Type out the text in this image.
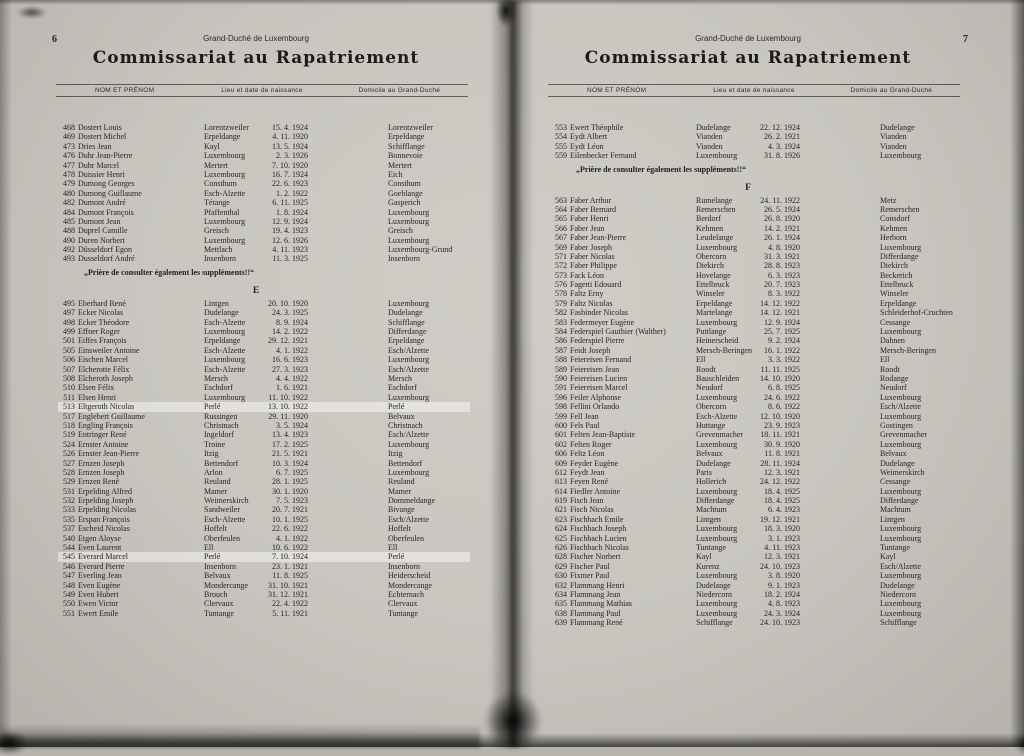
6	Grand-Duché de Luxembourg
Commissariat au Rapatriement
NOM ET PRÉNOM	Lieu et date de naissance	Domicile au Grand-Duché
468 Dostert Louis	Lorentzweiler	15. 4. 1924	Lorentzweiler
469 Dostert Michel	Erpeldange	4. 11. 1920	Erpeldange
473 Dries Jean	Kayl	13. 5. 1924	Schifflange
476 Duhr Jean-Pierre	Luxembourg	2. 3. 1926	Bonnevoie
477 Duhr Marcel	Mertert	7. 10. 1920	Mertert
478 Duissier Henri	Luxembourg	16. 7. 1924	Eich
479 Dumong Georges	Consthum	22. 6. 1923	Consthum
480 Dumong Guillaume	Esch-Alzette	1. 2. 1922	Goeblange
482 Dumont André	Tétange	6. 11. 1925	Gasperich
484 Dumont François	Pfaffenthal	1. 8. 1924	Luxembourg
485 Dumont Jean	Luxembourg	12. 9. 1924	Luxembourg
488 Duprel Camille	Greisch	19. 4. 1923	Greisch
490 Duren Norbert	Luxembourg	12. 6. 1926	Luxembourg
492 Düsseldorf Egon	Mettlach	4. 11. 1923	Luxembourg-Grund
493 Dusseldorf André	Insenborn	11. 3. 1925	Insenborn
„Prière de consulter également les suppléments!!“
E
495 Eberhard René	Lintgen	20. 10. 1920	Luxembourg
497 Ecker Nicolas	Dudelange	24. 3. 1925	Dudelange
498 Ecker Théodore	Esch-Alzette	8. 9. 1924	Schifflange
499 Effner Roger	Luxembourg	14. 2. 1922	Differdange
501 Eiffes François	Erpeldange	29. 12. 1921	Erpeldange
505 Einsweiler Antoine	Esch-Alzette	4. 1. 1922	Esch/Alzette
506 Eischen Marcel	Luxembourg	16. 6. 1923	Luxembourg
507 Elcherotte Félix	Esch-Alzette	27. 3. 1923	Esch/Alzette
508 Elcheroth Joseph	Mersch	4. 4. 1922	Mersch
510 Elsen Félix	Eschdorf	1. 6. 1921	Eschdorf
511 Elsen Henri	Luxembourg	11. 10. 1922	Luxembourg
513 Eltgeroth Nicolas	Perlé	13. 10. 1922	Perlé
517 Englebert Guillaume	Russingen	29. 11. 1920	Belvaux
518 Engling François	Christnach	3. 5. 1924	Christnach
519 Entringer René	Ingeldorf	13. 4. 1923	Esch/Alzette
524 Ernster Antoine	Troine	17. 2. 1925	Luxembourg
526 Ernster Jean-Pierre	Itzig	21. 5. 1921	Itzig
527 Ernzen Joseph	Bettendorf	10. 3. 1924	Bettendorf
528 Ernzen Joseph	Arlon	6. 7. 1925	Luxembourg
529 Ernzen René	Reuland	28. 1. 1925	Reuland
531 Erpelding Alfred	Mamer	30. 1. 1920	Mamer
532 Erpelding Joseph	Weimerskirch	7. 5. 1923	Dommeldange
533 Erpelding Nicolas	Sandweiler	20. 7. 1921	Bivange
535 Erspan François	Esch-Alzette	10. 1. 1925	Esch/Alzette
537 Escheid Nicolas	Hoffelt	22. 6. 1922	Hoffelt
540 Etgen Aloyse	Oberfeulen	4. 1. 1922	Oberfeulen
544 Even Laurent	Ell	10. 6. 1922	Ell
545 Everard Marcel	Perlé	7. 10. 1924	Perlé
546 Everard Pierre	Insenborn	23. 1. 1921	Insenborn
547 Everling Jean	Belvaux	11. 8. 1925	Heiderscheid
548 Even Eugène	Mondercange	31. 10. 1921	Mondercange
549 Even Hubert	Brouch	31. 12. 1921	Echternach
550 Ewen Victor	Clervaux	22. 4. 1922	Clervaux
551 Ewert Emile	Tuntange	5. 11. 1921	Tuntange
7
Grand-Duché de Luxembourg
Commissariat au Rapatriement
NOM ET PRÉNOM	Lieu et date de naissance	Domicile au Grand-Duché
553 Ewert Théophile	Dudelange	22. 12. 1924	Dudelange
554 Eydt Albert	Vianden	26. 2. 1921	Vianden
555 Eydt Léon	Vianden	4. 3. 1924	Vianden
559 Eilenbecker Fernand	Luxembourg	31. 8. 1926	Luxembourg
„Prière de consulter également les suppléments!!“
F
563 Faber Arthur	Rumelange	24. 11. 1922	Metz
564 Faber Bernard	Remerschen	26. 5. 1924	Remerschen
565 Faber Henri	Berdorf	26. 8. 1920	Consdorf
566 Faber Jean	Kehmen	14. 2. 1921	Kehmen
567 Faber Jean-Pierre	Leudelange	26. 1. 1924	Herborn
569 Faber Joseph	Luxembourg	4. 8. 1920	Luxembourg
571 Faber Nicolas	Obercorn	31. 3. 1921	Differdange
572 Faber Philippe	Diekirch	28. 8. 1923	Diekirch
573 Fack Léon	Hovelange	6. 3. 1923	Beckerich
576 Fagetti Edouard	Ettelbruck	20. 7. 1923	Ettelbruck
578 Faltz Erny	Winseler	8. 3. 1922	Winseler
579 Faltz Nicolas	Erpeldange	14. 12. 1922	Erpeldange
582 Fasbinder Nicolas	Martelange	14. 12. 1921	Schleiderhof-Cruchten
583 Federmeyer Eugène	Luxembourg	12. 9. 1924	Cessange
584 Federspiel Gauthier (Walther)	Puttlange	25. 7. 1925	Luxembourg
586 Federspiel Pierre	Heinerscheid	9. 2. 1924	Dahnen
587 Feidt Joseph	Mersch-Beringen	16. 1. 1922	Mersch-Beringen
588 Feiereisen Fernand	Ell	3. 3. 1922	Ell
589 Feiereisen Jean	Roodt	11. 11. 1925	Roodt
590 Feiereisen Lucien	Bauschleiden	14. 10. 1920	Rodange
591 Feiereisen Marcel	Neudorf	6. 8. 1925	Neudorf
596 Feiler Alphonse	Luxembourg	24. 6. 1922	Luxembourg
598 Fellini Orlando	Obercorn	8. 6. 1922	Esch/Alzette
599 Fell Jean	Esch-Alzette	12. 10. 1920	Luxembourg
600 Fels Paul	Huttange	23. 9. 1923	Gostingen
601 Felten Jean-Baptiste	Grevenmacher	18. 11. 1921	Grevenmacher
602 Felten Roger	Luxembourg	30. 9. 1920	Luxembourg
606 Feltz Léon	Belvaux	11. 8. 1921	Belvaux
609 Feyder Eugène	Dudelange	28. 11. 1924	Dudelange
612 Feydt Jean	Paris	12. 3. 1921	Weimerskirch
613 Feyen René	Hollerich	24. 12. 1922	Cessange
614 Fiedler Antoine	Luxembourg	18. 4. 1925	Luxembourg
619 Fisch Jean	Differdange	18. 4. 1925	Differdange
621 Fisch Nicolas	Machtum	6. 4. 1923	Machtum
623 Fischbach Emile	Lintgen	19. 12. 1921	Lintgen
624 Fischbach Joseph	Luxembourg	18. 3. 1920	Luxembourg
625 Fischbach Lucien	Luxembourg	3. 1. 1923	Luxembourg
626 Fischbach Nicolas	Tuntange	4. 11. 1923	Tuntange
628 Fischer Norbert	Kayl	12. 3. 1921	Kayl
629 Fischer Paul	Kurenz	24. 10. 1923	Esch/Alzette
630 Fixmer Paul	Luxembourg	3. 8. 1920	Luxembourg
632 Flammang Henri	Dudelange	9. 1. 1923	Dudelange
634 Flammang Jean	Niedercorn	18. 2. 1924	Niedercorn
635 Flammang Mathias	Luxembourg	4. 8. 1923	Luxembourg
638 Flammang Paul	Luxembourg	24. 3. 1924	Luxembourg
639 Flammang René	Schifflange	24. 10. 1923	Schifflange
